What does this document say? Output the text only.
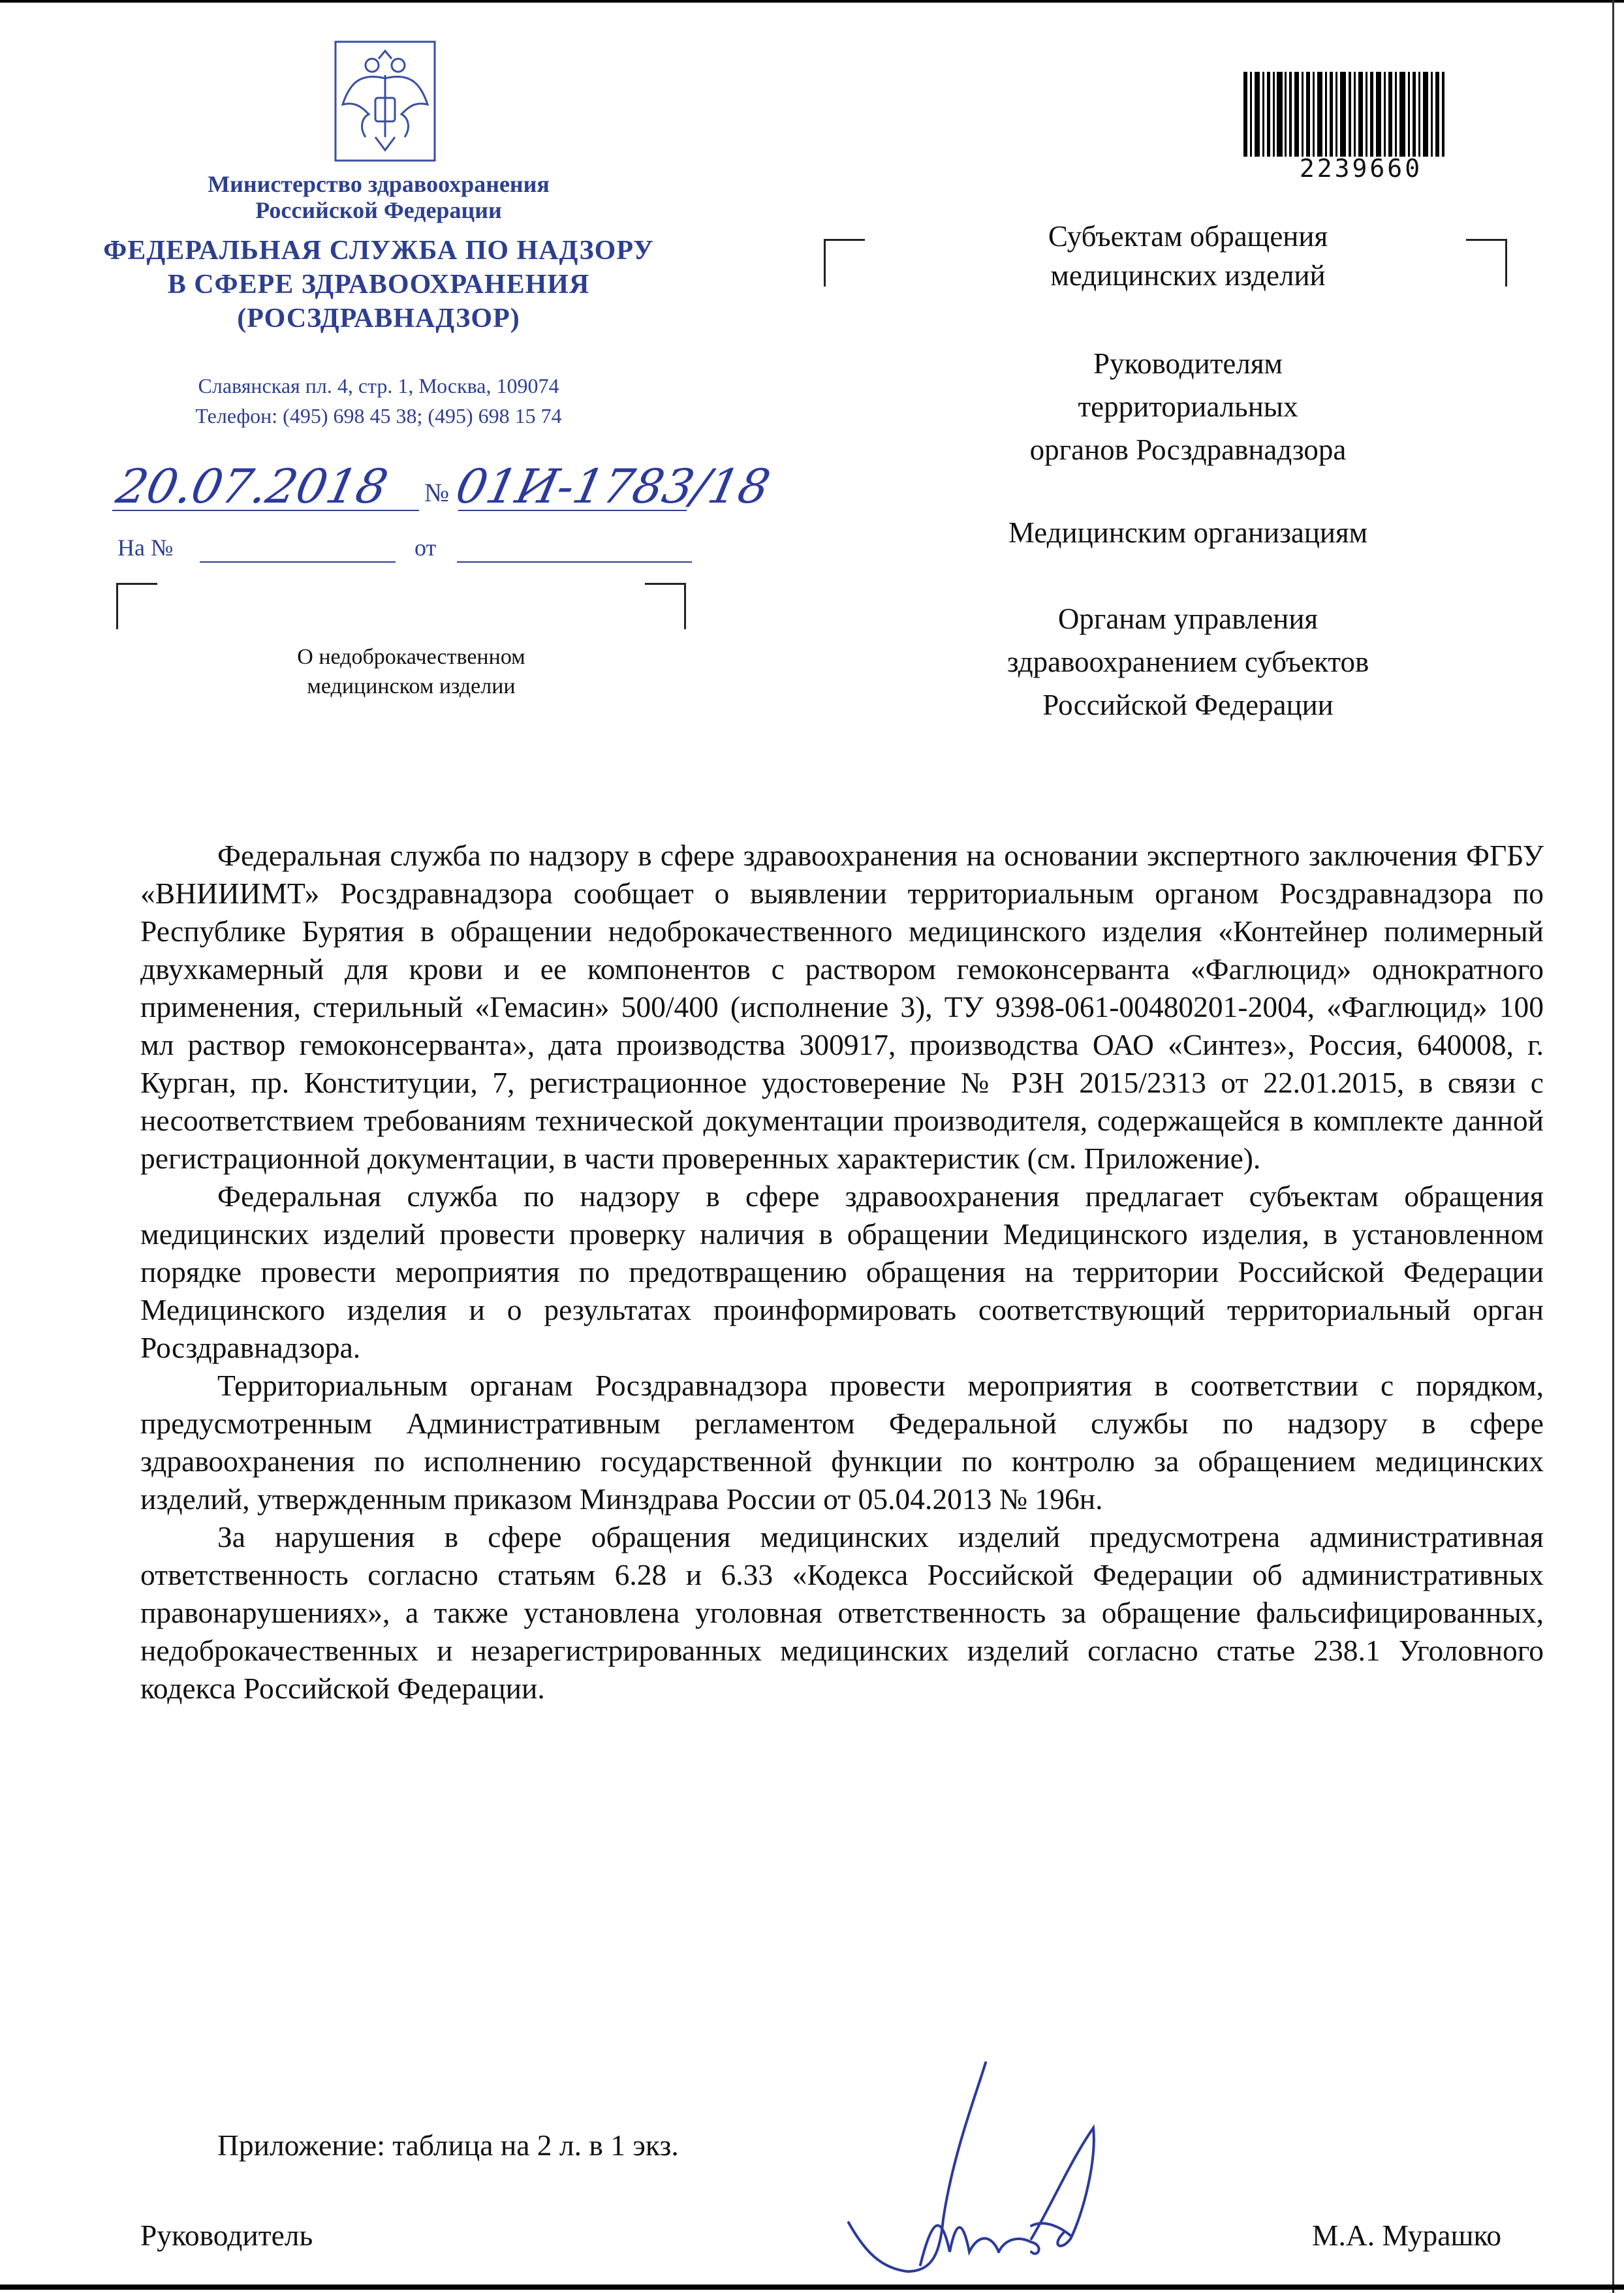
Министерство здравоохранения
Российской Федерации
ФЕДЕРАЛЬНАЯ СЛУЖБА ПО НАДЗОРУ
В СФЕРЕ ЗДРАВООХРАНЕНИЯ
(РОСЗДРАВНАДЗОР)
Славянская пл. 4, стр. 1, Москва, 109074
Телефон: (495) 698 45 38; (495) 698 15 74
20.07.2018 № 01И-1783/18
На №	от
О недоброкачественном
медицинском изделии
2239660
Субъектам обращения
медицинских изделий
Руководителям
территориальных
органов Росздравнадзора
Медицинским организациям
Органам управления
здравоохранением субъектов
Российской Федерации

Федеральная служба по надзору в сфере здравоохранения на основании экспертного заключения ФГБУ «ВНИИИМТ» Росздравнадзора сообщает о выявлении территориальным органом Росздравнадзора по Республике Бурятия в обращении недоброкачественного медицинского изделия «Контейнер полимерный двухкамерный для крови и ее компонентов с раствором гемоконсерванта «Фаглюцид» однократного применения, стерильный «Гемасин» 500/400 (исполнение 3), ТУ 9398-061-00480201-2004, «Фаглюцид» 100 мл раствор гемоконсерванта», дата производства 300917, производства ОАО «Синтез», Россия, 640008, г. Курган, пр. Конституции, 7, регистрационное удостоверение № РЗН 2015/2313 от 22.01.2015, в связи с несоответствием требованиям технической документации производителя, содержащейся в комплекте данной регистрационной документации, в части проверенных характеристик (см. Приложение).

Федеральная служба по надзору в сфере здравоохранения предлагает субъектам обращения медицинских изделий провести проверку наличия в обращении Медицинского изделия, в установленном порядке провести мероприятия по предотвращению обращения на территории Российской Федерации Медицинского изделия и о результатах проинформировать соответствующий территориальный орган Росздравнадзора.

Территориальным органам Росздравнадзора провести мероприятия в соответствии с порядком, предусмотренным Административным регламентом Федеральной службы по надзору в сфере здравоохранения по исполнению государственной функции по контролю за обращением медицинских изделий, утвержденным приказом Минздрава России от 05.04.2013 № 196н.

За нарушения в сфере обращения медицинских изделий предусмотрена административная ответственность согласно статьям 6.28 и 6.33 «Кодекса Российской Федерации об административных правонарушениях», а также установлена уголовная ответственность за обращение фальсифицированных, недоброкачественных и незарегистрированных медицинских изделий согласно статье 238.1 Уголовного кодекса Российской Федерации.

Приложение: таблица на 2 л. в 1 экз.
Руководитель	М.А. Мурашко
